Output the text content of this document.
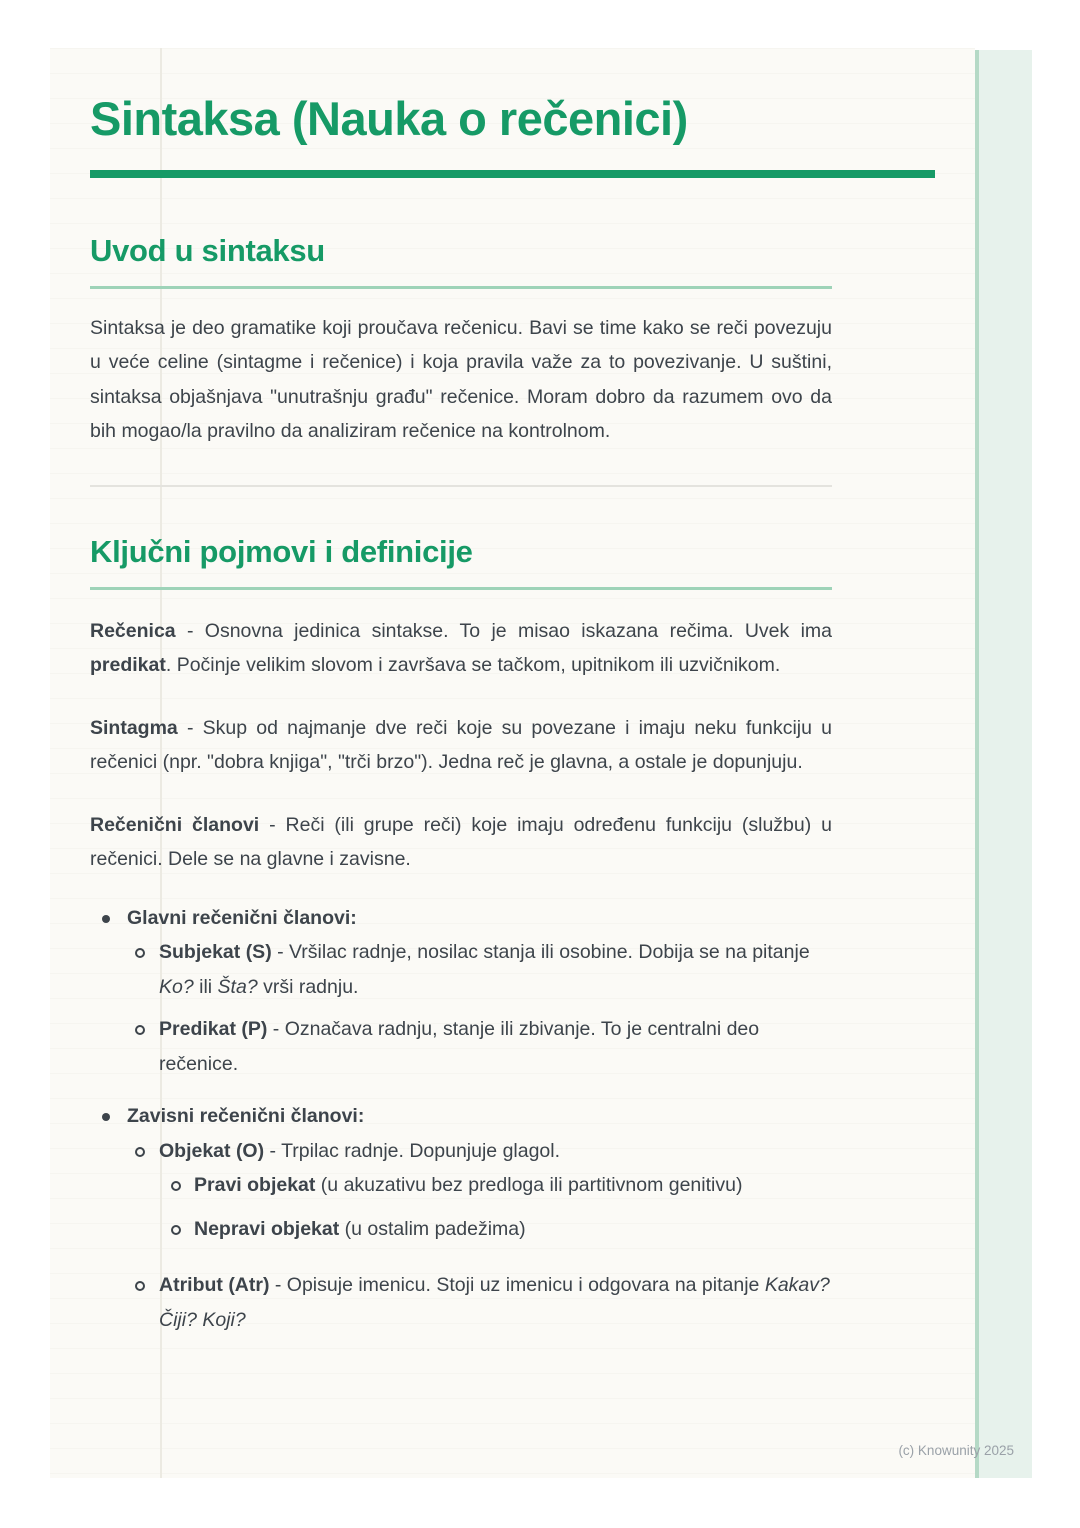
Sintaksa (Nauka o rečenici)
Uvod u sintaksu

Sintaksa je deo gramatike koji proučava rečenicu. Bavi se time kako se reči povezuju u veće celine (sintagme i rečenice) i koja pravila važe za to povezivanje. U suštini, sintaksa objašnjava "unutrašnju građu" rečenice. Moram dobro da razumem ovo da bih mogao/la pravilno da analiziram rečenice na kontrolnom.

Ključni pojmovi i definicije

Rečenica - Osnovna jedinica sintakse. To je misao iskazana rečima. Uvek ima predikat. Počinje velikim slovom i završava se tačkom, upitnikom ili uzvičnikom.

Sintagma - Skup od najmanje dve reči koje su povezane i imaju neku funkciju u rečenici (npr. "dobra knjiga", "trči brzo"). Jedna reč je glavna, a ostale je dopunjuju.

Rečenični članovi - Reči (ili grupe reči) koje imaju određenu funkciju (službu) u rečenici. Dele se na glavne i zavisne.

Glavni rečenični članovi:
Subjekat (S) - Vršilac radnje, nosilac stanja ili osobine. Dobija se na pitanje Ko? ili Šta? vrši radnju.
Predikat (P) - Označava radnju, stanje ili zbivanje. To je centralni deo rečenice.
Zavisni rečenični članovi:
Objekat (O) - Trpilac radnje. Dopunjuje glagol.
Pravi objekat (u akuzativu bez predloga ili partitivnom genitivu)
Nepravi objekat (u ostalim padežima)
Atribut (Atr) - Opisuje imenicu. Stoji uz imenicu i odgovara na pitanje Kakav? Čiji? Koji?
(c) Knowunity 2025
